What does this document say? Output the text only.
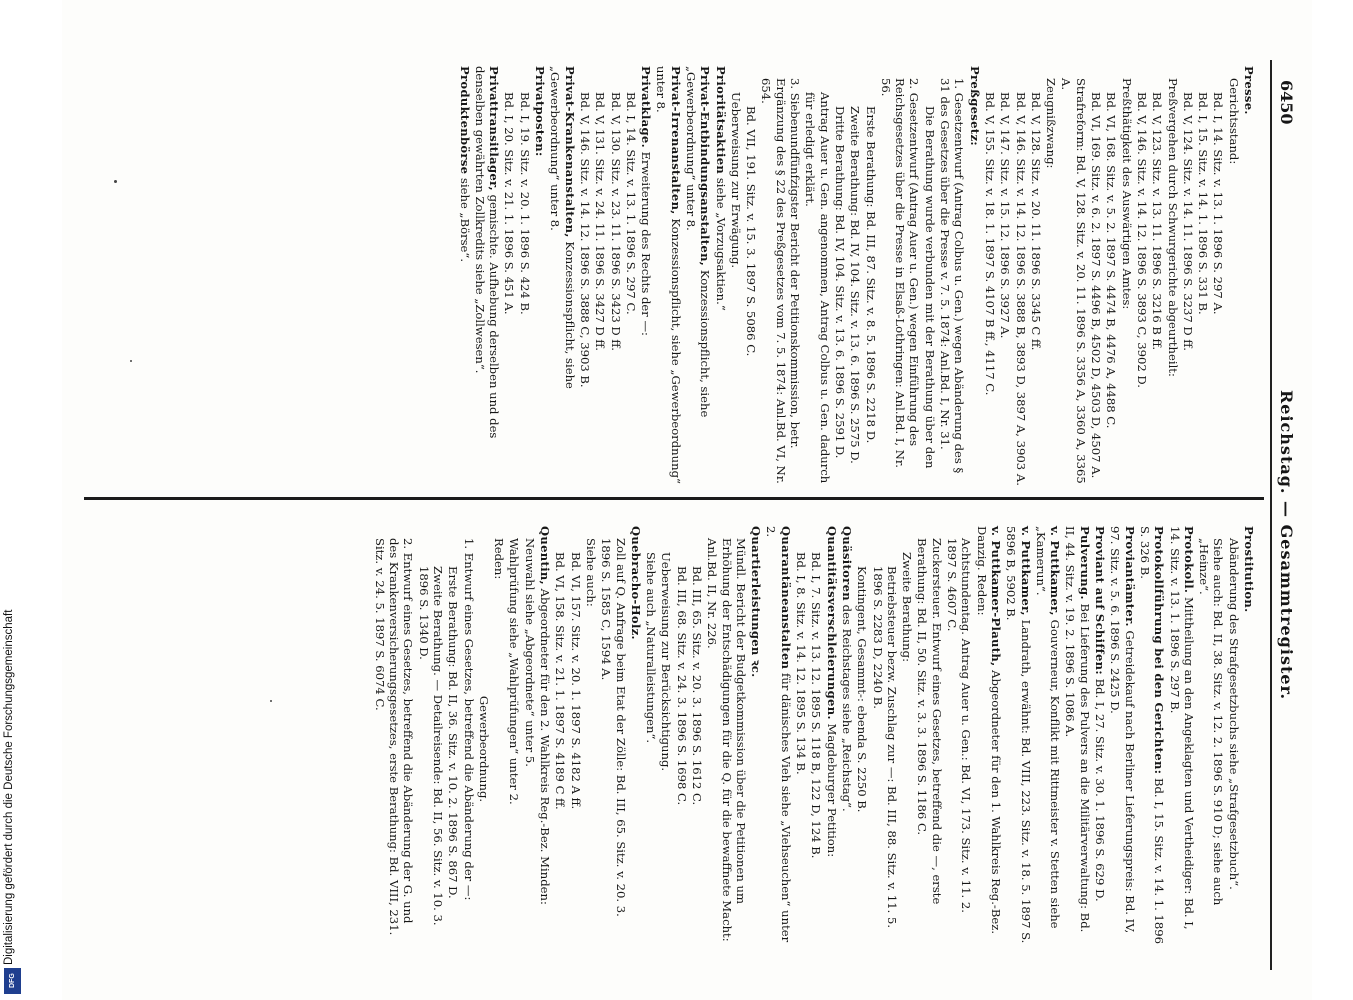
6450
Reichstag. — Gesammtregister.
Presse.
Gerichtsstand:
Bd. I, 14. Sitz. v. 13. 1. 1896 S. 297 A.
Bd. I, 15. Sitz. v. 14. 1. 1896 S. 331 B.
Bd. V, 124. Sitz. v. 14. 11. 1896 S. 3237 D ff.
Preßvergehen durch Schwurgerichte abgeurtheilt:
Bd. V, 123. Sitz. v. 13. 11. 1896 S. 3216 B ff.
Bd. V, 146. Sitz. v. 14. 12. 1896 S. 3893 C, 3902 D.
Preßthätigkeit des Auswärtigen Amtes:
Bd. VI, 168. Sitz. v. 5. 2. 1897 S. 4474 B, 4476 A, 4488 C.
Bd. VI, 169. Sitz. v. 6. 2. 1897 S. 4496 B, 4502 D, 4503 D, 4507 A.
Strafreform: Bd. V, 128. Sitz. v. 20. 11. 1896 S. 3356 A, 3360 A, 3365 A.
Zeugnißzwang:
Bd. V, 128. Sitz. v. 20. 11. 1896 S. 3345 C ff.
Bd. V, 146. Sitz. v. 14. 12. 1896 S. 3888 B, 3893 D, 3897 A, 3903 A.
Bd. V, 147. Sitz. v. 15. 12. 1896 S. 3927 A.
Bd. V, 155. Sitz. v. 18. 1. 1897 S. 4107 B ff., 4117 C.
Preßgesetz:
1. Gesetzentwurf (Antrag Colbus u. Gen.) wegen Abänderung des § 31 des Gesetzes über die Presse v. 7. 5. 1874: Anl.Bd. I, Nr. 31.
Die Berathung wurde verbunden mit der Berathung über den
2. Gesetzentwurf (Antrag Auer u. Gen.) wegen Einführung des Reichsgesetzes über die Presse in Elsaß-Lothringen: Anl.Bd. I, Nr. 56.
Erste Berathung: Bd. III, 87. Sitz. v. 8. 5. 1896 S. 2218 D.
Zweite Berathung: Bd. IV, 104. Sitz. v. 13. 6. 1896 S. 2575 D.
Dritte Berathung: Bd. IV, 104. Sitz. v. 13. 6. 1896 S. 2591 D.
Antrag Auer u. Gen. angenommen, Antrag Colbus u. Gen. dadurch für erledigt erklärt.
3. Siebenundfünfzigster Bericht der Petitionskommission, betr. Ergänzung des § 22 des Preßgesetzes vom 7. 5. 1874: Anl.Bd. VI, Nr. 654.
Bd. VII, 191. Sitz. v. 15. 3. 1897 S. 5086 C.
Ueberweisung zur Erwägung.
Prioritätsaktien siehe „Vorzugsaktien.“
Privat-Entbindungsanstalten, Konzessionspflicht, siehe „Gewerbeordnung“ unter 8.
Privat-Irrenanstalten, Konzessionspflicht, siehe „Gewerbeordnung“ unter 8.
Privatklage. Erweiterung des Rechts der —:
Bd. I, 14. Sitz. v. 13. 1. 1896 S. 297 C.
Bd. V, 130. Sitz. v. 23. 11. 1896 S. 3423 D ff.
Bd. V, 131. Sitz. v. 24. 11. 1896 S. 3427 D ff.
Bd. V, 146. Sitz. v. 14. 12. 1896 S. 3888 C, 3903 B.
Privat-Krankenanstalten, Konzessionspflicht, siehe „Gewerbeordnung“ unter 8.
Privatposten:
Bd. I, 19. Sitz. v. 20. 1. 1896 S. 424 B.
Bd. I, 20. Sitz. v. 21. 1. 1896 S. 451 A.
Privattransitlager, gemischte. Aufhebung derselben und des denselben gewährten Zollkredits siehe „Zollwesen“.
Produktenbörse siehe „Börse“.
Prostitution.
Abänderung des Strafgesetzbuchs siehe „Strafgesetzbuch“.
Siehe auch: Bd. II, 38. Sitz. v. 12. 2. 1896 S. 910 D; siehe auch „Heinze“.
Protokoll. Mittheilung an den Angeklagten und Vertheidiger: Bd. I, 14. Sitz. v. 13. 1. 1896 S. 297 B.
Protokollführung bei den Gerichten: Bd. I, 15. Sitz. v. 14. 1. 1896 S. 326 B.
Proviantämter. Getreidekauf nach Berliner Lieferungspreis: Bd. IV, 97. Sitz. v. 5. 6. 1896 S. 2425 D.
Proviant auf Schiffen: Bd. I, 27. Sitz. v. 30. 1. 1896 S. 629 D.
Pulverung. Bei Lieferung des Pulvers an die Militärverwaltung: Bd. II, 44. Sitz. v. 19. 2. 1896 S. 1086 A.
v. Puttkamer, Gouverneur, Konflikt mit Rittmeister v. Stetten siehe „Kamerun“.
v. Puttkamer, Landrath, erwähnt: Bd. VIII, 223. Sitz. v. 18. 5. 1897 S. 5896 B, 5902 B.
v. Puttkamer-Plauth, Abgeordneter für den 1. Wahlkreis Reg.-Bez. Danzig. Reden:
Achtstundentag. Antrag Auer u. Gen.: Bd. VI, 173. Sitz. v. 11. 2. 1897 S. 4607 C.
Zuckersteuer. Entwurf eines Gesetzes, betreffend die —, erste Berathung: Bd. II, 50. Sitz. v. 3. 3. 1896 S. 1186 C.
Zweite Berathung:
Betriebsteuer bezw. Zuschlag zur —: Bd. III, 88. Sitz. v. 11. 5. 1896 S. 2283 D, 2240 B.
Kontingent, Gesammt-: ebenda S. 2250 B.
Quäsitoren des Reichstages siehe „Reichstag“.
Quantitätsverschleierungen. Magdeburger Petition:
Bd. I, 7. Sitz. v. 13. 12. 1895 S. 118 B, 122 D, 124 B.
Bd. I, 8. Sitz. v. 14. 12. 1895 S. 134 B.
Quarantäneanstalten für dänisches Vieh siehe „Viehseuchen“ unter 2.
Quartierleistungen ꝛc.
Mündl. Bericht der Budgetkommission über die Petitionen um Erhöhung der Entschädigungen für die Q. für die bewaffnete Macht: Anl.Bd. II, Nr. 226.
Bd. III, 65. Sitz. v. 20. 3. 1896 S. 1612 C.
Bd. III, 68. Sitz. v. 24. 3. 1896 S. 1698 C.
Ueberweisung zur Berücksichtigung.
Siehe auch „Naturalleistungen“.
Quebracho-Holz.
Zoll auf Q. Anfrage beim Etat der Zölle: Bd. III, 65. Sitz. v. 20. 3. 1896 S. 1585 C, 1594 A.
Siehe auch:
Bd. VI, 157. Sitz. v. 20. 1. 1897 S. 4182 A ff.
Bd. VI, 158. Sitz. v. 21. 1. 1897 S. 4189 C ff.
Quentin, Abgeordneter für den 2. Wahlkreis Reg.-Bez. Minden:
Neuwahl siehe „Abgeordnete“ unter 5.
Wahlprüfung siehe „Wahlprüfungen“ unter 2.
Reden:
Gewerbeordnung.
1. Entwurf eines Gesetzes, betreffend die Abänderung der —:
Erste Berathung: Bd. II, 36. Sitz. v. 10. 2. 1896 S. 867 D.
Zweite Berathung. — Detailreisende: Bd. II, 56. Sitz. v. 10. 3. 1896 S. 1340 D.
2. Entwurf eines Gesetzes, betreffend die Abänderung der G. und des Krankenversicherungsgesetzes, erste Berathung: Bd. VIII, 231. Sitz. v. 24. 5. 1897 S. 6074 C.
Digitalisierung gefördert durch die Deutsche Forschungsgemeinschaft
DFG
